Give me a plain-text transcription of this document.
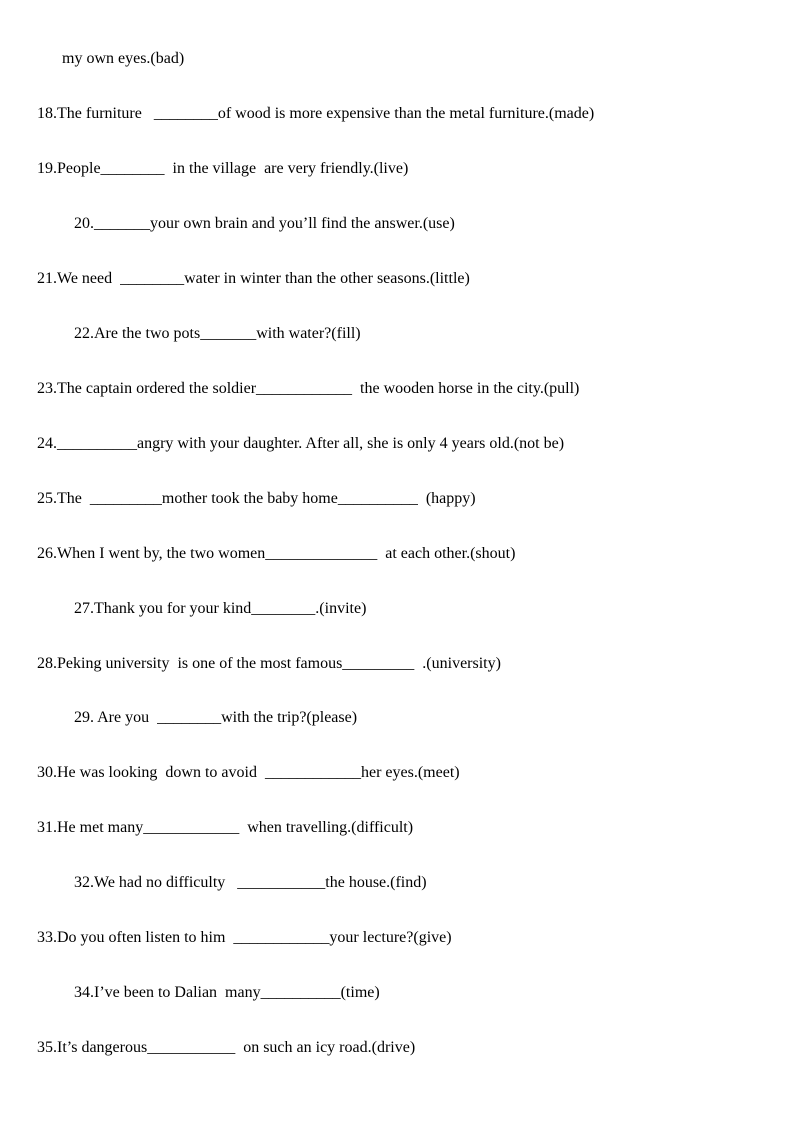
my own eyes.(bad)
18.The furniture   ________of wood is more expensive than the metal furniture.(made)
19.People________  in the village  are very friendly.(live)
20._______your own brain and you’ll find the answer.(use)
21.We need  ________water in winter than the other seasons.(little)
22.Are the two pots_______with water?(fill)
23.The captain ordered the soldier____________  the wooden horse in the city.(pull)
24.__________angry with your daughter. After all, she is only 4 years old.(not be)
25.The  _________mother took the baby home__________  (happy)
26.When I went by, the two women______________  at each other.(shout)
27.Thank you for your kind________.(invite)
28.Peking university  is one of the most famous_________  .(university)
29. Are you  ________with the trip?(please)
30.He was looking  down to avoid  ____________her eyes.(meet)
31.He met many____________  when travelling.(difficult)
32.We had no difficulty   ___________the house.(find)
33.Do you often listen to him  ____________your lecture?(give)
34.I’ve been to Dalian  many__________(time)
35.It’s dangerous___________  on such an icy road.(drive)
